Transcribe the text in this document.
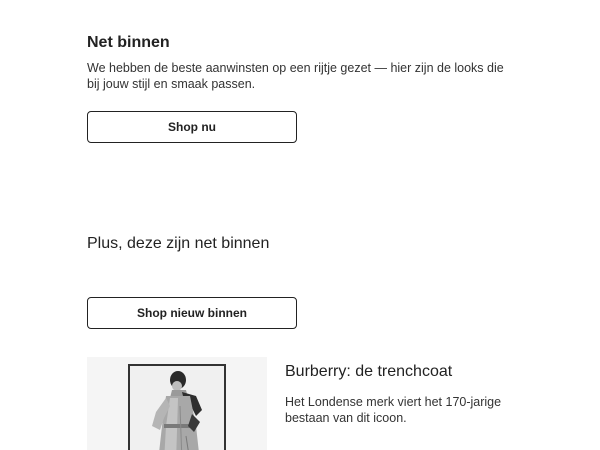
Net binnen

We hebben de beste aanwinsten op een rijtje gezet — hier zijn de looks die bij jouw stijl en smaak passen.

Shop nu
Plus, deze zijn net binnen
Shop nieuw binnen
Burberry: de trenchcoat

Het Londense merk viert het 170-jarige bestaan van dit icoon.
